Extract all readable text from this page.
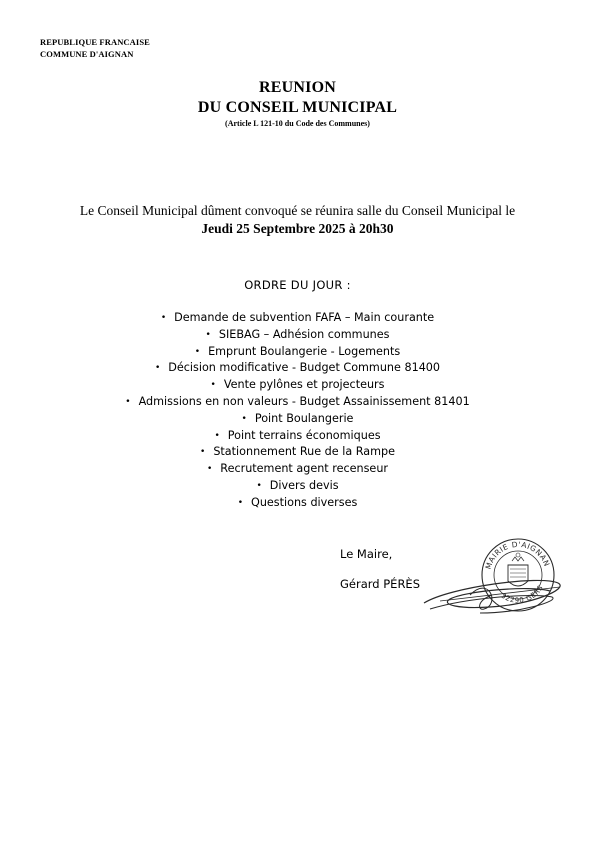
REPUBLIQUE FRANCAISE
COMMUNE D'AIGNAN
REUNION
DU CONSEIL MUNICIPAL
(Article L 121-10 du Code des Communes)
Le Conseil Municipal dûment convoqué se réunira salle du Conseil Municipal le
Jeudi 25 Septembre 2025 à 20h30
ORDRE DU JOUR :
• Demande de subvention FAFA – Main courante
• SIEBAG – Adhésion communes
• Emprunt Boulangerie - Logements
• Décision modificative - Budget Commune 81400
• Vente pylônes et projecteurs
• Admissions en non valeurs - Budget Assainissement 81401
• Point Boulangerie
• Point terrains économiques
• Stationnement Rue de la Rampe
• Recrutement agent recenseur
• Divers devis
• Questions diverses
Le Maire,
Gérard PÉRÈS
MAIRIE D'AIGNAN
32290 GERS
